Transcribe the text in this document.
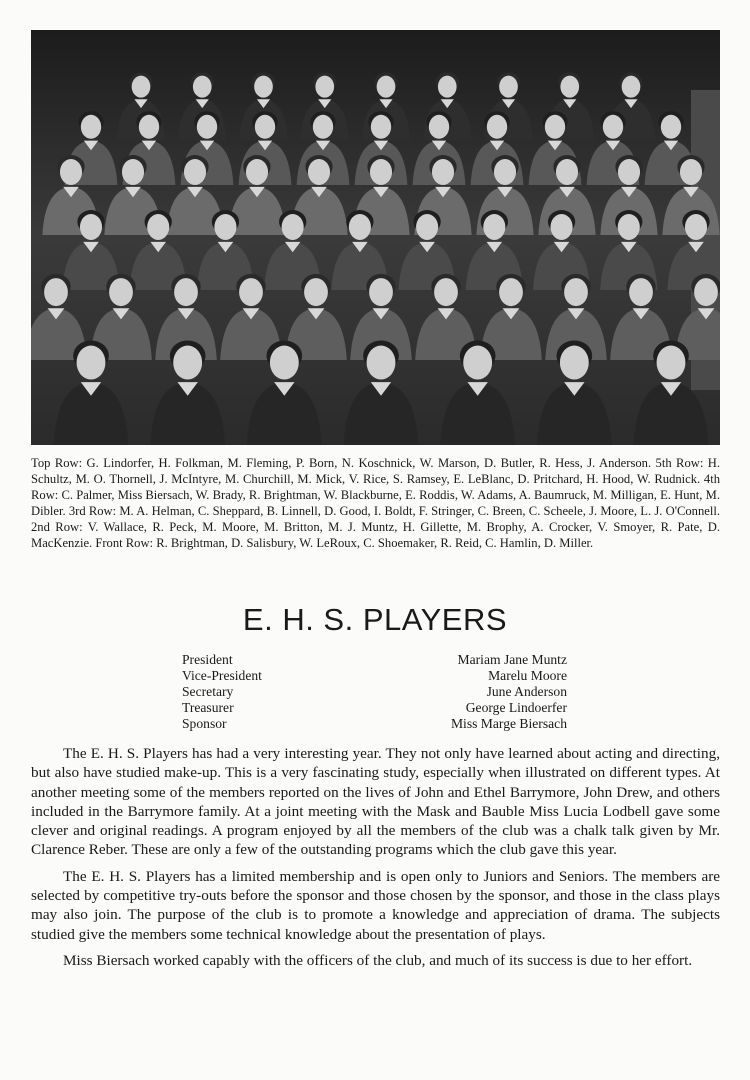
Top Row: G. Lindorfer, H. Folkman, M. Fleming, P. Born, N. Koschnick, W. Marson, D. Butler, R. Hess, J. Anderson. 5th Row: H. Schultz, M. O. Thornell, J. McIntyre, M. Churchill, M. Mick, V. Rice, S. Ramsey, E. LeBlanc, D. Pritchard, H. Hood, W. Rudnick. 4th Row: C. Palmer, Miss Biersach, W. Brady, R. Brightman, W. Blackburne, E. Roddis, W. Adams, A. Baumruck, M. Milligan, E. Hunt, M. Dibler. 3rd Row: M. A. Helman, C. Sheppard, B. Linnell, D. Good, I. Boldt, F. Stringer, C. Breen, C. Scheele, J. Moore, L. J. O'Connell. 2nd Row: V. Wallace, R. Peck, M. Moore, M. Britton, M. J. Muntz, H. Gillette, M. Brophy, A. Crocker, V. Smoyer, R. Pate, D. MacKenzie. Front Row: R. Brightman, D. Salisbury, W. LeRoux, C. Shoemaker, R. Reid, C. Hamlin, D. Miller.
E. H. S. PLAYERS
President	Mariam Jane Muntz
Vice-President	Marelu Moore
Secretary	June Anderson
Treasurer	George Lindoerfer
Sponsor	Miss Marge Biersach

The E. H. S. Players has had a very interesting year. They not only have learned about acting and directing, but also have studied make-up. This is a very fascinating study, especially when illustrated on different types. At another meeting some of the members reported on the lives of John and Ethel Barrymore, John Drew, and others included in the Barrymore family. At a joint meeting with the Mask and Bauble Miss Lucia Lodbell gave some clever and original readings. A program enjoyed by all the members of the club was a chalk talk given by Mr. Clarence Reber. These are only a few of the outstanding programs which the club gave this year.

The E. H. S. Players has a limited membership and is open only to Juniors and Seniors. The members are selected by competitive try-outs before the sponsor and those chosen by the sponsor, and those in the class plays may also join. The purpose of the club is to promote a knowledge and appreciation of drama. The subjects studied give the members some technical knowledge about the presentation of plays.

Miss Biersach worked capably with the officers of the club, and much of its success is due to her effort.
